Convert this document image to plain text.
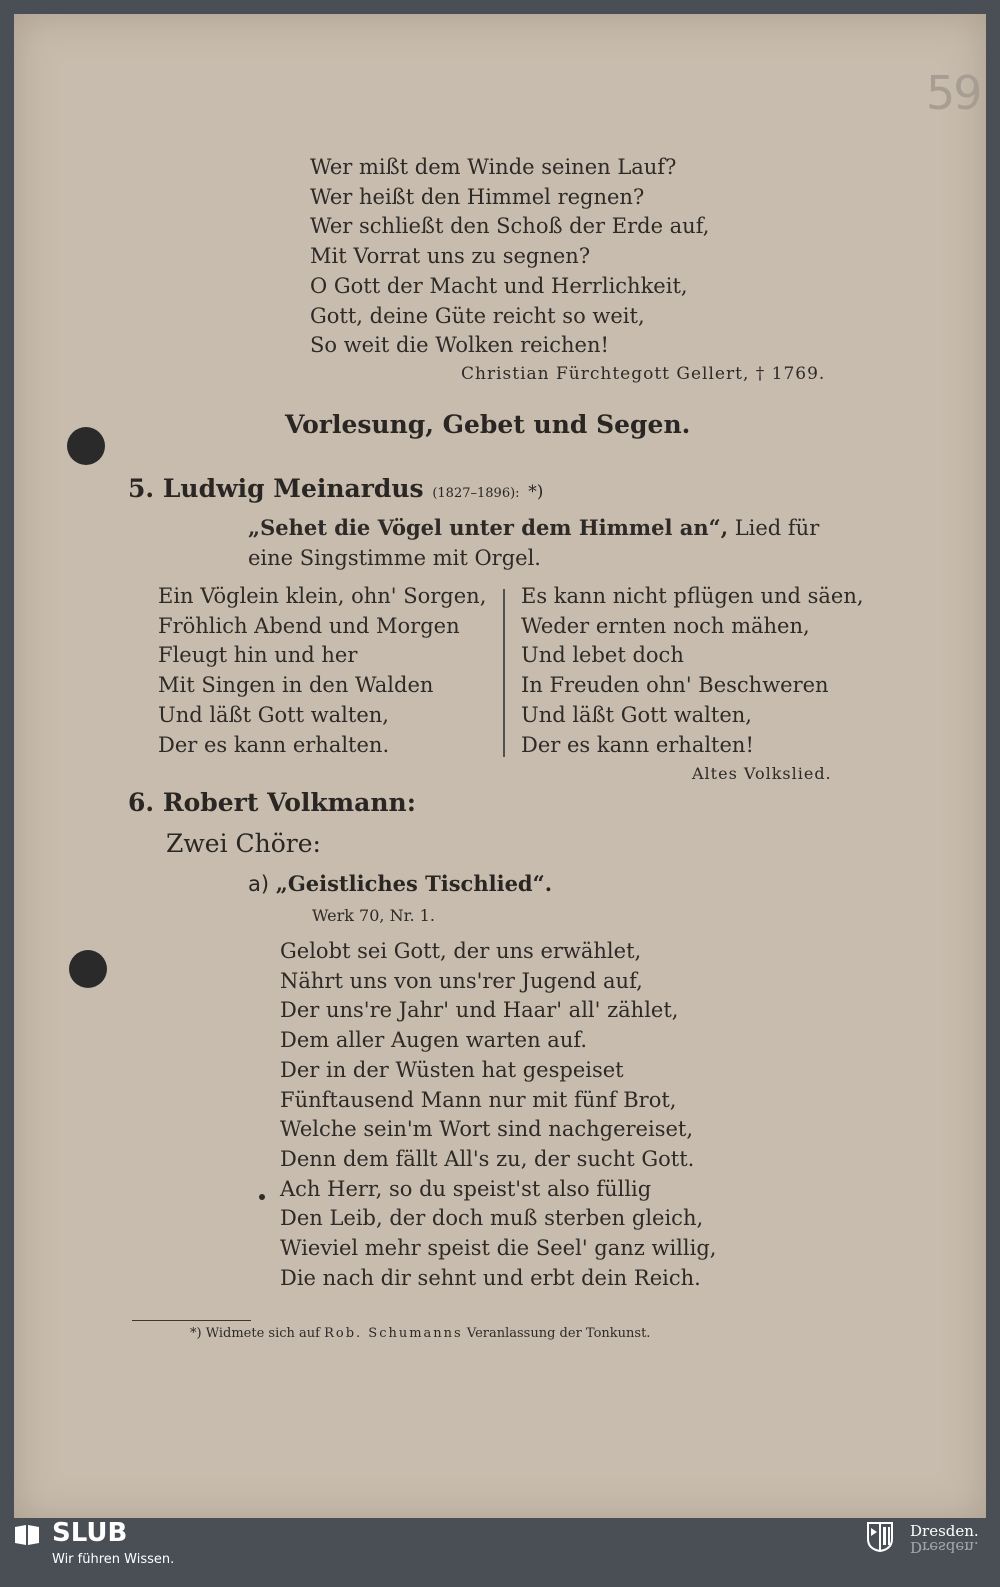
59
Wer mißt dem Winde seinen Lauf?
Wer heißt den Himmel regnen?
Wer schließt den Schoß der Erde auf,
Mit Vorrat uns zu segnen?
O Gott der Macht und Herrlichkeit,
Gott, deine Güte reicht so weit,
So weit die Wolken reichen!
Christian Fürchtegott Gellert, † 1769.
Vorlesung, Gebet und Segen.
5. Ludwig Meinardus (1827–1896): *)
„Sehet die Vögel unter dem Himmel an“, Lied für
eine Singstimme mit Orgel.
Ein Vöglein klein, ohn' Sorgen,
Fröhlich Abend und Morgen
Fleugt hin und her
Mit Singen in den Walden
Und läßt Gott walten,
Der es kann erhalten.
Es kann nicht pflügen und säen,
Weder ernten noch mähen,
Und lebet doch
In Freuden ohn' Beschweren
Und läßt Gott walten,
Der es kann erhalten!
Altes Volkslied.
6. Robert Volkmann:
Zwei Chöre:
a) „Geistliches Tischlied“.
Werk 70, Nr. 1.
Gelobt sei Gott, der uns erwählet,
Nährt uns von uns'rer Jugend auf,
Der uns're Jahr' und Haar' all' zählet,
Dem aller Augen warten auf.
Der in der Wüsten hat gespeiset
Fünftausend Mann nur mit fünf Brot,
Welche sein'm Wort sind nachgereiset,
Denn dem fällt All's zu, der sucht Gott.
Ach Herr, so du speist'st also füllig
Den Leib, der doch muß sterben gleich,
Wieviel mehr speist die Seel' ganz willig,
Die nach dir sehnt und erbt dein Reich.
*) Widmete sich auf Rob. Schumanns Veranlassung der Tonkunst.
SLUB
Wir führen Wissen.
Dresden.
Dresden.
